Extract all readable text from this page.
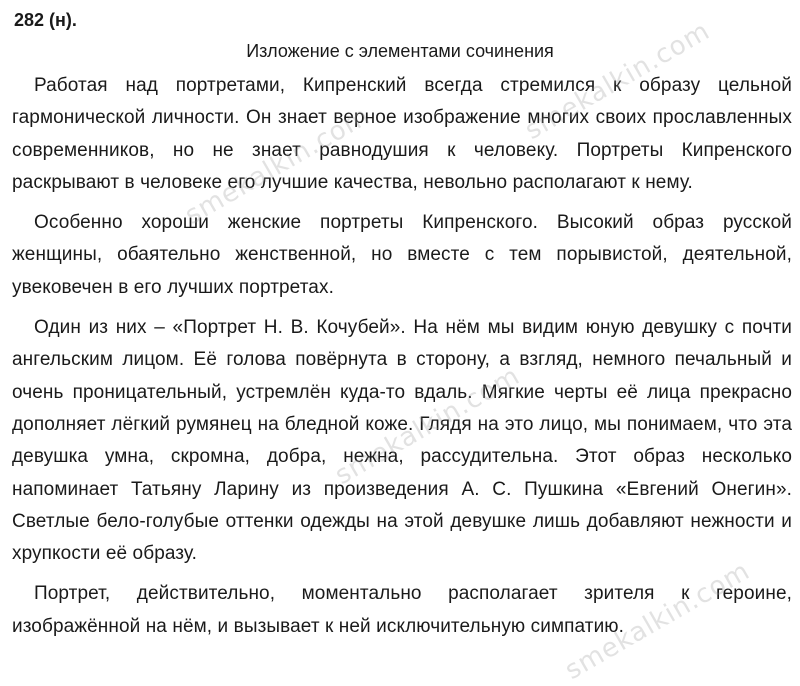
282 (н).
Изложение с элементами сочинения

Работая над портретами, Кипренский всегда стремился к образу цельной гармонической личности. Он знает верное изображение многих своих прославленных современников, но не знает равнодушия к человеку. Портреты Кипренского раскрывают в человеке его лучшие качества, невольно располагают к нему.

Особенно хороши женские портреты Кипренского. Высокий образ русской женщины, обаятельно женственной, но вместе с тем порывистой, деятельной, увековечен в его лучших портретах.

Один из них – «Портрет Н. В. Кочубей». На нём мы видим юную девушку с почти ангельским лицом. Её голова повёрнута в сторону, а взгляд, немного печальный и очень проницательный, устремлён куда-то вдаль. Мягкие черты её лица прекрасно дополняет лёгкий румянец на бледной коже. Глядя на это лицо, мы понимаем, что эта девушка умна, скромна, добра, нежна, рассудительна. Этот образ несколько напоминает Татьяну Ларину из произведения А. С. Пушкина «Евгений Онегин». Светлые бело-голубые оттенки одежды на этой девушке лишь добавляют нежности и хрупкости её образу.

Портрет, действительно, моментально располагает зрителя к героине, изображённой на нём, и вызывает к ней исключительную симпатию.

smekalkin.com
smekalkin.com
smekalkin.com
smekalkin.com
